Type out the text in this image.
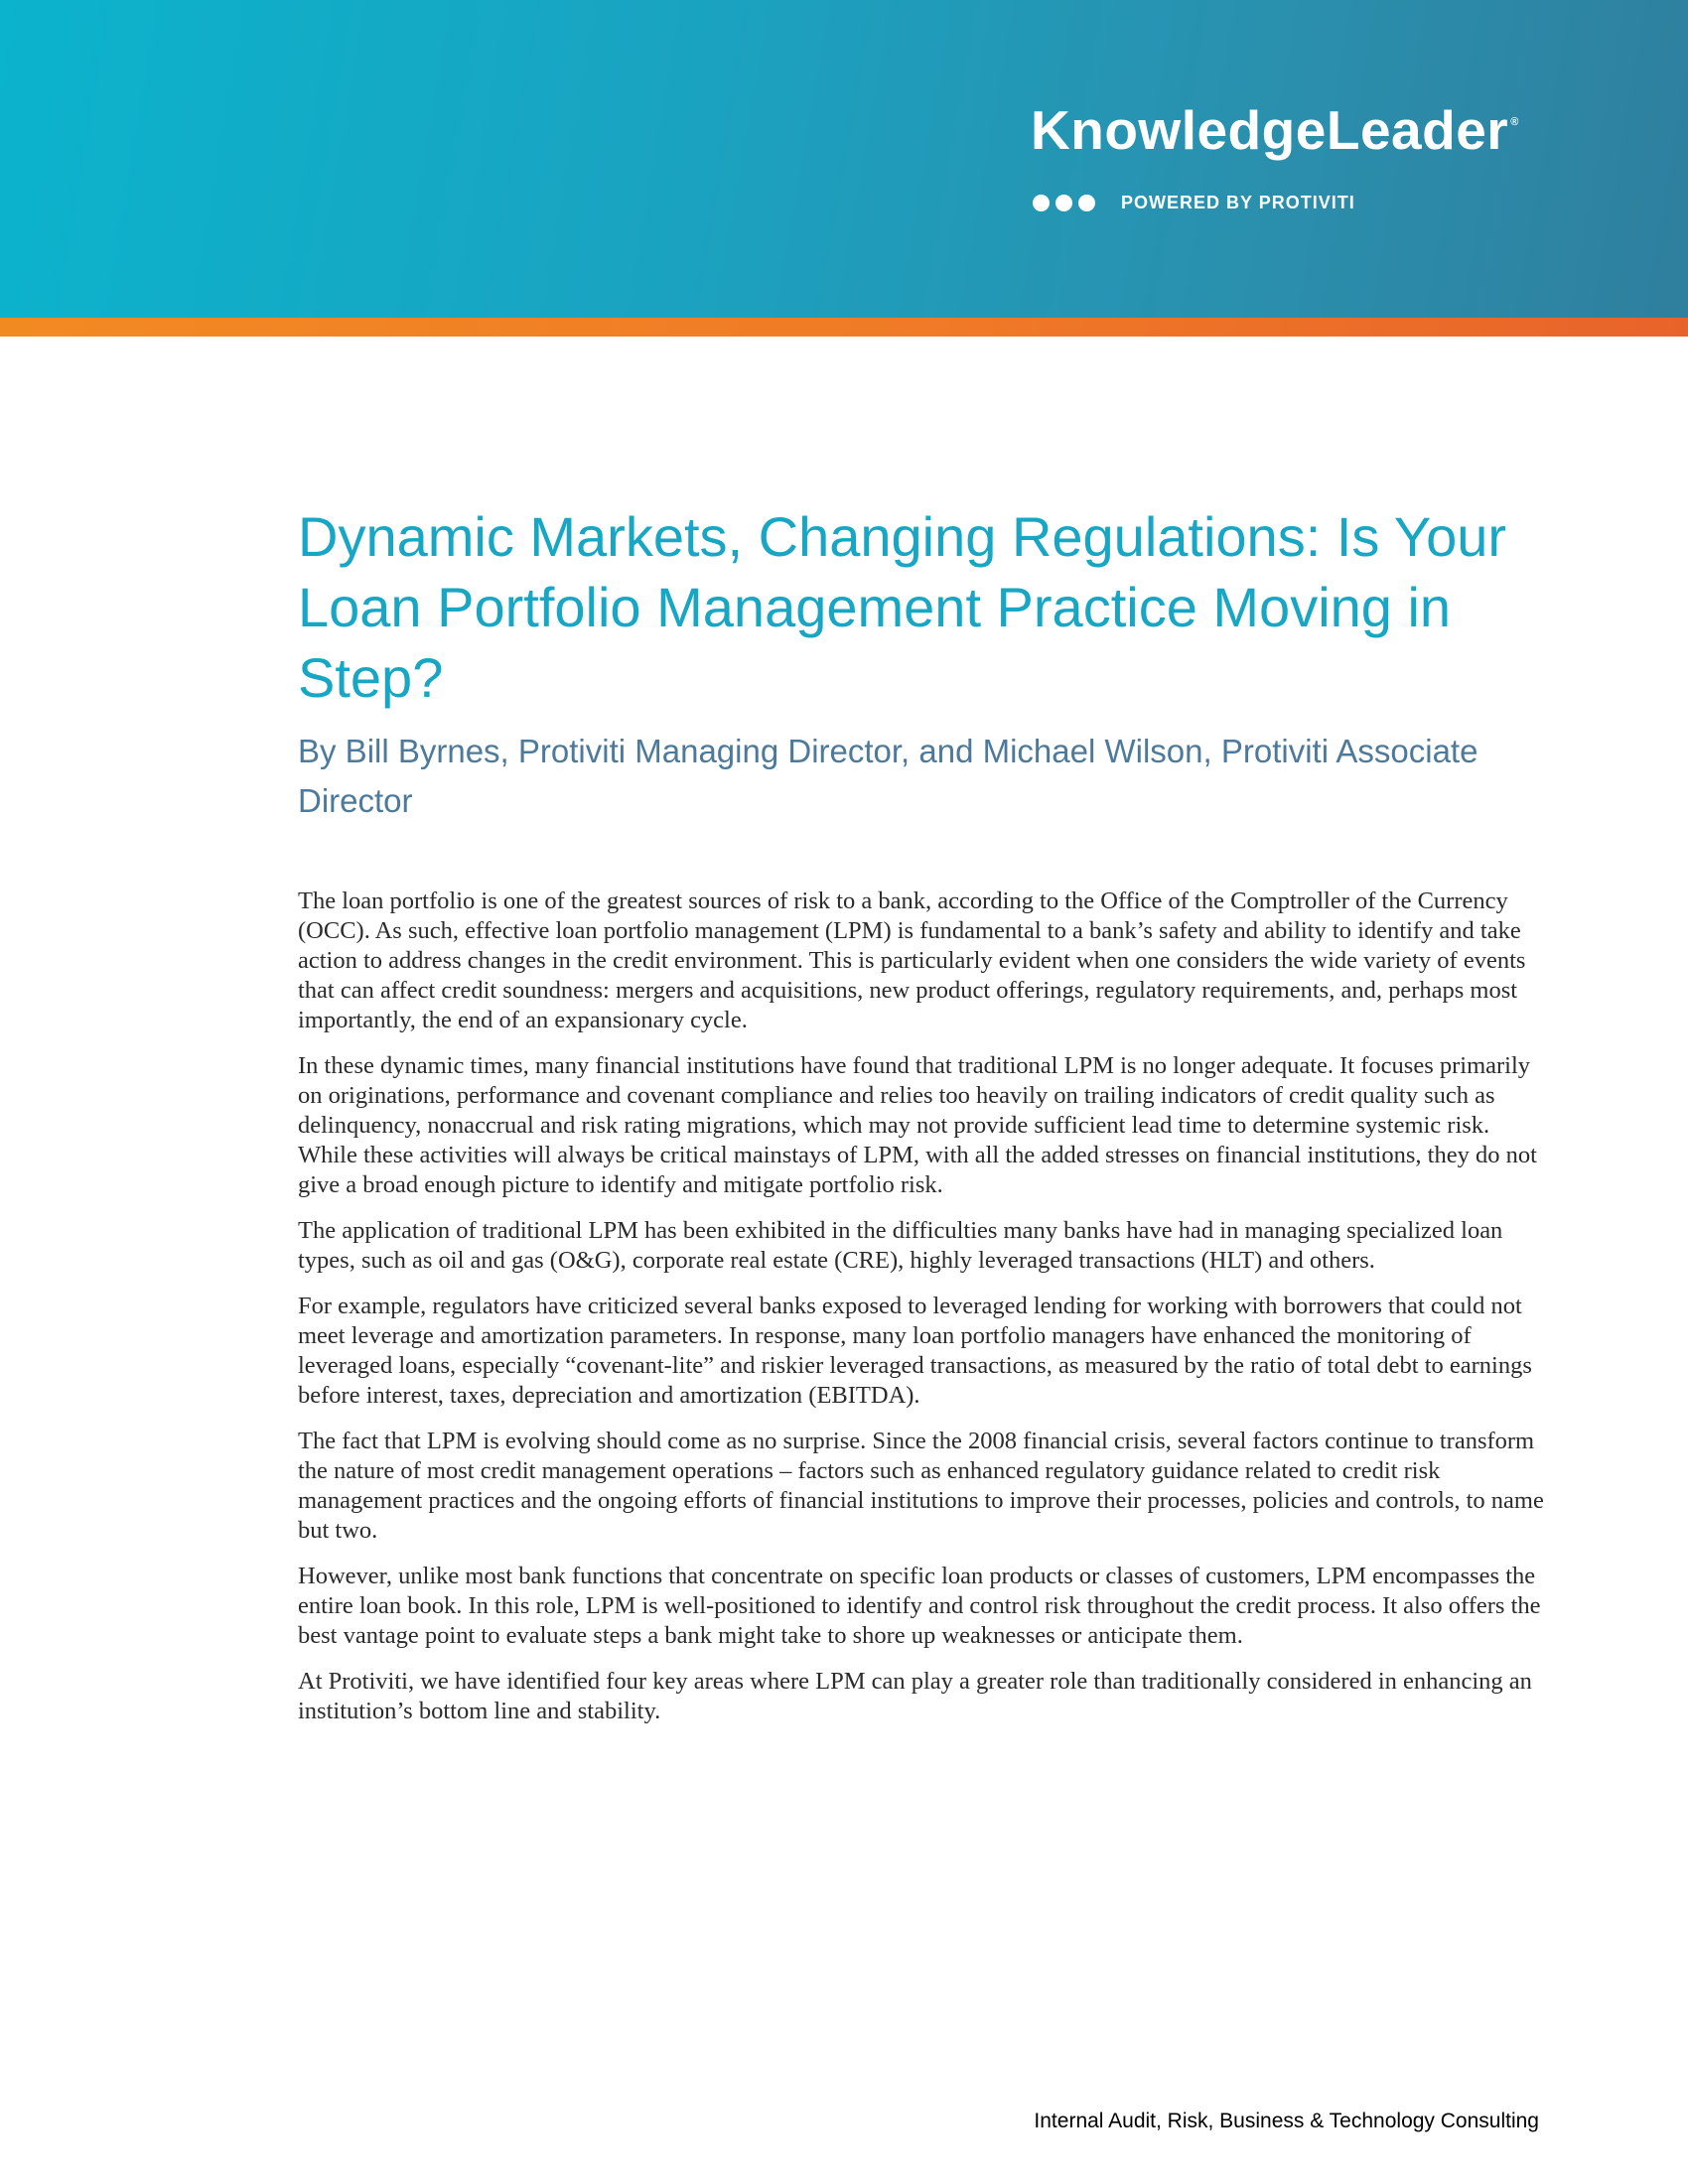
KnowledgeLeader ®
POWERED BY PROTIVITI
Dynamic Markets, Changing Regulations: Is Your Loan Portfolio Management Practice Moving in Step?
By Bill Byrnes, Protiviti Managing Director, and Michael Wilson, Protiviti Associate Director

The loan portfolio is one of the greatest sources of risk to a bank, according to the Office of the Comptroller of the Currency (OCC). As such, effective loan portfolio management (LPM) is fundamental to a bank’s safety and ability to identify and take action to address changes in the credit environment. This is particularly evident when one considers the wide variety of events that can affect credit soundness: mergers and acquisitions, new product offerings, regulatory requirements, and, perhaps most importantly, the end of an expansionary cycle.

In these dynamic times, many financial institutions have found that traditional LPM is no longer adequate. It focuses primarily on originations, performance and covenant compliance and relies too heavily on trailing indicators of credit quality such as delinquency, nonaccrual and risk rating migrations, which may not provide sufficient lead time to determine systemic risk. While these activities will always be critical mainstays of LPM, with all the added stresses on financial institutions, they do not give a broad enough picture to identify and mitigate portfolio risk.

The application of traditional LPM has been exhibited in the difficulties many banks have had in managing specialized loan types, such as oil and gas (O&G), corporate real estate (CRE), highly leveraged transactions (HLT) and others.

For example, regulators have criticized several banks exposed to leveraged lending for working with borrowers that could not meet leverage and amortization parameters. In response, many loan portfolio managers have enhanced the monitoring of leveraged loans, especially “covenant-lite” and riskier leveraged transactions, as measured by the ratio of total debt to earnings before interest, taxes, depreciation and amortization (EBITDA).

The fact that LPM is evolving should come as no surprise. Since the 2008 financial crisis, several factors continue to transform the nature of most credit management operations – factors such as enhanced regulatory guidance related to credit risk management practices and the ongoing efforts of financial institutions to improve their processes, policies and controls, to name but two.

However, unlike most bank functions that concentrate on specific loan products or classes of customers, LPM encompasses the entire loan book. In this role, LPM is well-positioned to identify and control risk throughout the credit process. It also offers the best vantage point to evaluate steps a bank might take to shore up weaknesses or anticipate them.

At Protiviti, we have identified four key areas where LPM can play a greater role than traditionally considered in enhancing an institution’s bottom line and stability.

Internal Audit, Risk, Business & Technology Consulting
